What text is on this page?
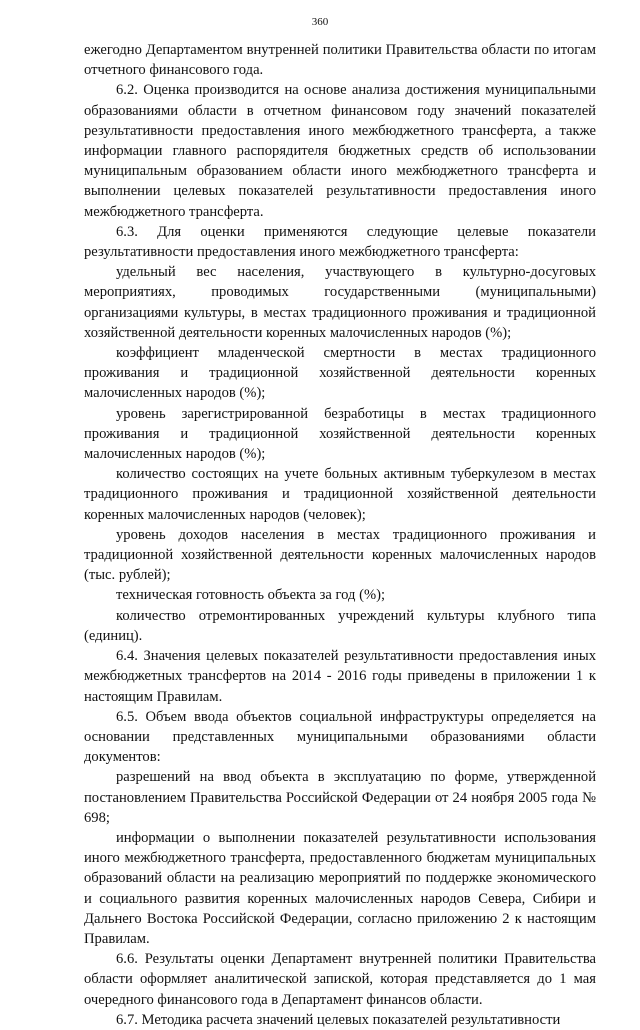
360

ежегодно Департаментом внутренней политики Правительства области по итогам отчетного финансового года.

6.2. Оценка производится на основе анализа достижения муниципальными образованиями области в отчетном финансовом году значений показателей результативности предоставления иного межбюджетного трансферта, а также информации главного распорядителя бюджетных средств об использовании муниципальным образованием области иного межбюджетного трансферта и выполнении целевых показателей результативности предоставления иного межбюджетного трансферта.

6.3. Для оценки применяются следующие целевые показатели результативности предоставления иного межбюджетного трансферта:

удельный вес населения, участвующего в культурно-досуговых мероприятиях, проводимых государственными (муниципальными) организациями культуры, в местах традиционного проживания и традиционной хозяйственной деятельности коренных малочисленных народов (%);

коэффициент младенческой смертности в местах традиционного проживания и традиционной хозяйственной деятельности коренных малочисленных народов (%);

уровень зарегистрированной безработицы в местах традиционного проживания и традиционной хозяйственной деятельности коренных малочисленных народов (%);

количество состоящих на учете больных активным туберкулезом в местах традиционного проживания и традиционной хозяйственной деятельности коренных малочисленных народов (человек);

уровень доходов населения в местах традиционного проживания и традиционной хозяйственной деятельности коренных малочисленных народов (тыс. рублей);

техническая готовность объекта за год (%);

количество отремонтированных учреждений культуры клубного типа (единиц).

6.4. Значения целевых показателей результативности предоставления иных межбюджетных трансфертов на 2014 - 2016 годы приведены в приложении 1 к настоящим Правилам.

6.5. Объем ввода объектов социальной инфраструктуры определяется на основании представленных муниципальными образованиями области документов:

разрешений на ввод объекта в эксплуатацию по форме, утвержденной постановлением Правительства Российской Федерации от 24 ноября 2005 года № 698;

информации о выполнении показателей результативности использования иного межбюджетного трансферта, предоставленного бюджетам муниципальных образований области на реализацию мероприятий по поддержке экономического и социального развития коренных малочисленных народов Севера, Сибири и Дальнего Востока Российской Федерации, согласно приложению 2 к настоящим Правилам.

6.6. Результаты оценки Департамент внутренней политики Правительства области оформляет аналитической запиской, которая представляется до 1 мая очередного финансового года в Департамент финансов области.

6.7. Методика расчета значений целевых показателей результативности
